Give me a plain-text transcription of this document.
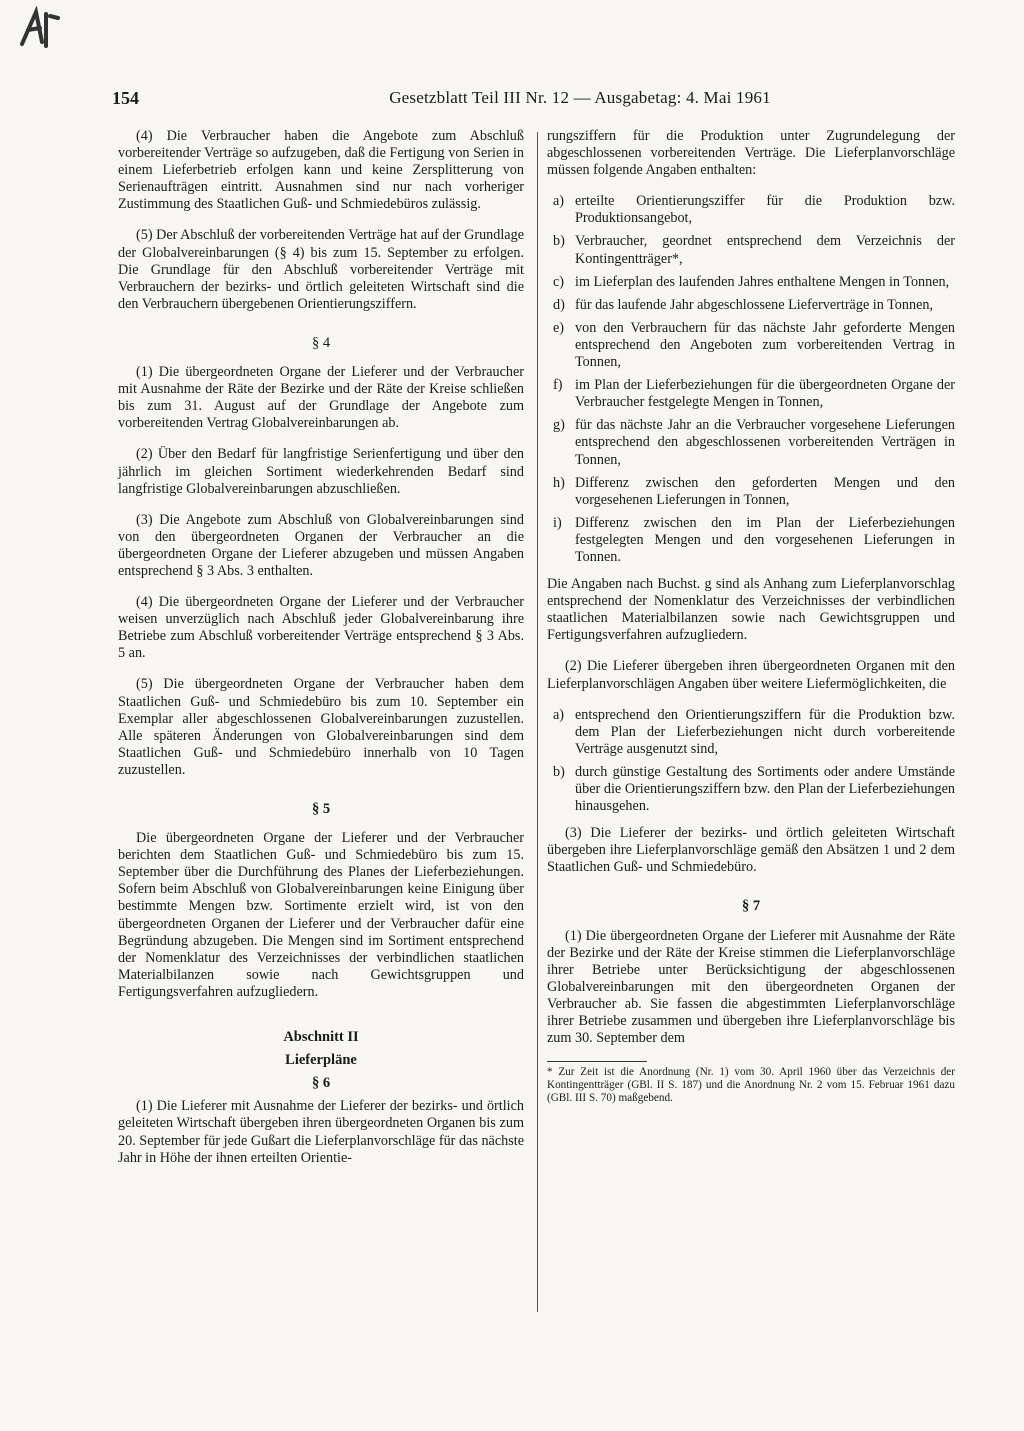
154	Gesetzblatt Teil III Nr. 12 — Ausgabetag: 4. Mai 1961

(4) Die Verbraucher haben die Angebote zum Abschluß vorbereitender Verträge so aufzugeben, daß die Fertigung von Serien in einem Lieferbetrieb erfolgen kann und keine Zersplitterung von Serienaufträgen eintritt. Ausnahmen sind nur nach vorheriger Zustimmung des Staatlichen Guß- und Schmiedebüros zulässig.

(5) Der Abschluß der vorbereitenden Verträge hat auf der Grundlage der Globalvereinbarungen (§ 4) bis zum 15. September zu erfolgen. Die Grundlage für den Abschluß vorbereitender Verträge mit Verbrauchern der bezirks- und örtlich geleiteten Wirtschaft sind die den Verbrauchern übergebenen Orientierungsziffern.

§ 4

(1) Die übergeordneten Organe der Lieferer und der Verbraucher mit Ausnahme der Räte der Bezirke und der Räte der Kreise schließen bis zum 31. August auf der Grundlage der Angebote zum vorbereitenden Vertrag Globalvereinbarungen ab.

(2) Über den Bedarf für langfristige Serienfertigung und über den jährlich im gleichen Sortiment wiederkehrenden Bedarf sind langfristige Globalvereinbarungen abzuschließen.

(3) Die Angebote zum Abschluß von Globalvereinbarungen sind von den übergeordneten Organen der Verbraucher an die übergeordneten Organe der Lieferer abzugeben und müssen Angaben entsprechend § 3 Abs. 3 enthalten.

(4) Die übergeordneten Organe der Lieferer und der Verbraucher weisen unverzüglich nach Abschluß jeder Globalvereinbarung ihre Betriebe zum Abschluß vorbereitender Verträge entsprechend § 3 Abs. 5 an.

(5) Die übergeordneten Organe der Verbraucher haben dem Staatlichen Guß- und Schmiedebüro bis zum 10. September ein Exemplar aller abgeschlossenen Globalvereinbarungen zuzustellen. Alle späteren Änderungen von Globalvereinbarungen sind dem Staatlichen Guß- und Schmiedebüro innerhalb von 10 Tagen zuzustellen.

§ 5

Die übergeordneten Organe der Lieferer und der Verbraucher berichten dem Staatlichen Guß- und Schmiedebüro bis zum 15. September über die Durchführung des Planes der Lieferbeziehungen. Sofern beim Abschluß von Globalvereinbarungen keine Einigung über bestimmte Mengen bzw. Sortimente erzielt wird, ist von den übergeordneten Organen der Lieferer und der Verbraucher dafür eine Begründung abzugeben. Die Mengen sind im Sortiment entsprechend der Nomenklatur des Verzeichnisses der verbindlichen staatlichen Materialbilanzen sowie nach Gewichtsgruppen und Fertigungsverfahren aufzugliedern.

Abschnitt II
Lieferpläne
§ 6

(1) Die Lieferer mit Ausnahme der Lieferer der bezirks- und örtlich geleiteten Wirtschaft übergeben ihren übergeordneten Organen bis zum 20. September für jede Gußart die Lieferplanvorschläge für das nächste Jahr in Höhe der ihnen erteilten Orientie-

rungsziffern für die Produktion unter Zugrundelegung der abgeschlossenen vorbereitenden Verträge. Die Lieferplanvorschläge müssen folgende Angaben enthalten:

a) erteilte Orientierungsziffer für die Produktion bzw. Produktionsangebot,
b) Verbraucher, geordnet entsprechend dem Verzeichnis der Kontingentträger*,
c) im Lieferplan des laufenden Jahres enthaltene Mengen in Tonnen,
d) für das laufende Jahr abgeschlossene Lieferverträge in Tonnen,
e) von den Verbrauchern für das nächste Jahr geforderte Mengen entsprechend den Angeboten zum vorbereitenden Vertrag in Tonnen,
f) im Plan der Lieferbeziehungen für die übergeordneten Organe der Verbraucher festgelegte Mengen in Tonnen,
g) für das nächste Jahr an die Verbraucher vorgesehene Lieferungen entsprechend den abgeschlossenen vorbereitenden Verträgen in Tonnen,
h) Differenz zwischen den geforderten Mengen und den vorgesehenen Lieferungen in Tonnen,
i) Differenz zwischen den im Plan der Lieferbeziehungen festgelegten Mengen und den vorgesehenen Lieferungen in Tonnen.

Die Angaben nach Buchst. g sind als Anhang zum Lieferplanvorschlag entsprechend der Nomenklatur des Verzeichnisses der verbindlichen staatlichen Materialbilanzen sowie nach Gewichtsgruppen und Fertigungsverfahren aufzugliedern.

(2) Die Lieferer übergeben ihren übergeordneten Organen mit den Lieferplanvorschlägen Angaben über weitere Liefermöglichkeiten, die

a) entsprechend den Orientierungsziffern für die Produktion bzw. dem Plan der Lieferbeziehungen nicht durch vorbereitende Verträge ausgenutzt sind,
b) durch günstige Gestaltung des Sortiments oder andere Umstände über die Orientierungsziffern bzw. den Plan der Lieferbeziehungen hinausgehen.

(3) Die Lieferer der bezirks- und örtlich geleiteten Wirtschaft übergeben ihre Lieferplanvorschläge gemäß den Absätzen 1 und 2 dem Staatlichen Guß- und Schmiedebüro.

§ 7

(1) Die übergeordneten Organe der Lieferer mit Ausnahme der Räte der Bezirke und der Räte der Kreise stimmen die Lieferplanvorschläge ihrer Betriebe unter Berücksichtigung der abgeschlossenen Globalvereinbarungen mit den übergeordneten Organen der Verbraucher ab. Sie fassen die abgestimmten Lieferplanvorschläge ihrer Betriebe zusammen und übergeben ihre Lieferplanvorschläge bis zum 30. September dem

* Zur Zeit ist die Anordnung (Nr. 1) vom 30. April 1960 über das Verzeichnis der Kontingentträger (GBl. II S. 187) und die Anordnung Nr. 2 vom 15. Februar 1961 dazu (GBl. III S. 70) maßgebend.
